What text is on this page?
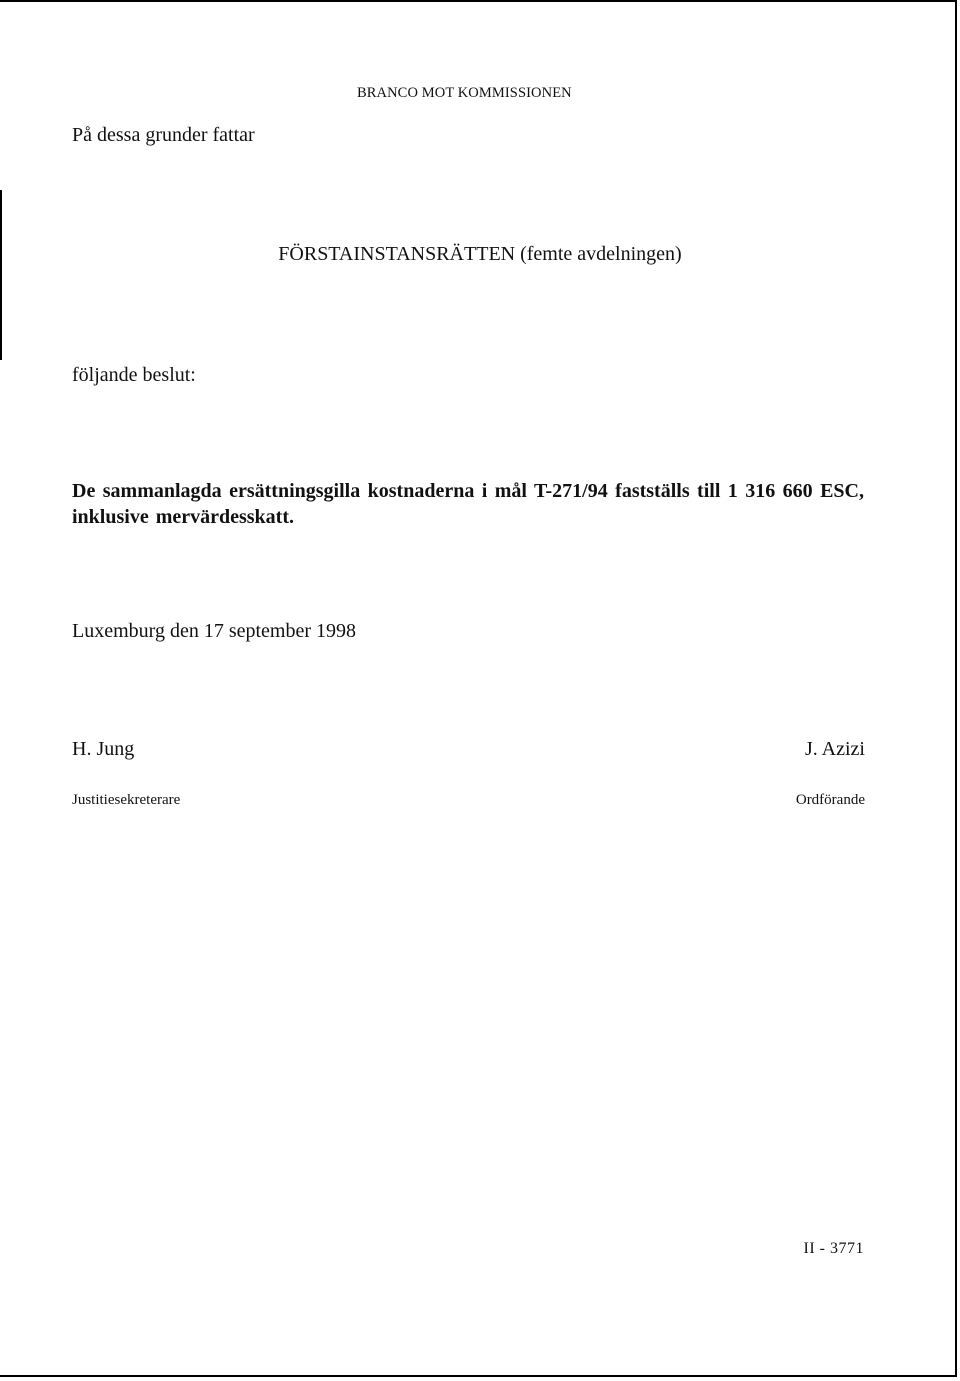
BRANCO MOT KOMMISSIONEN
På dessa grunder fattar
FÖRSTAINSTANSRÄTTEN (femte avdelningen)
följande beslut:
De sammanlagda ersättningsgilla kostnaderna i mål T-271/94 fastställs till 1 316 660 ESC, inklusive mervärdesskatt.
Luxemburg den 17 september 1998
H. Jung	J. Azizi
Justitiesekreterare	Ordförande
II - 3771
